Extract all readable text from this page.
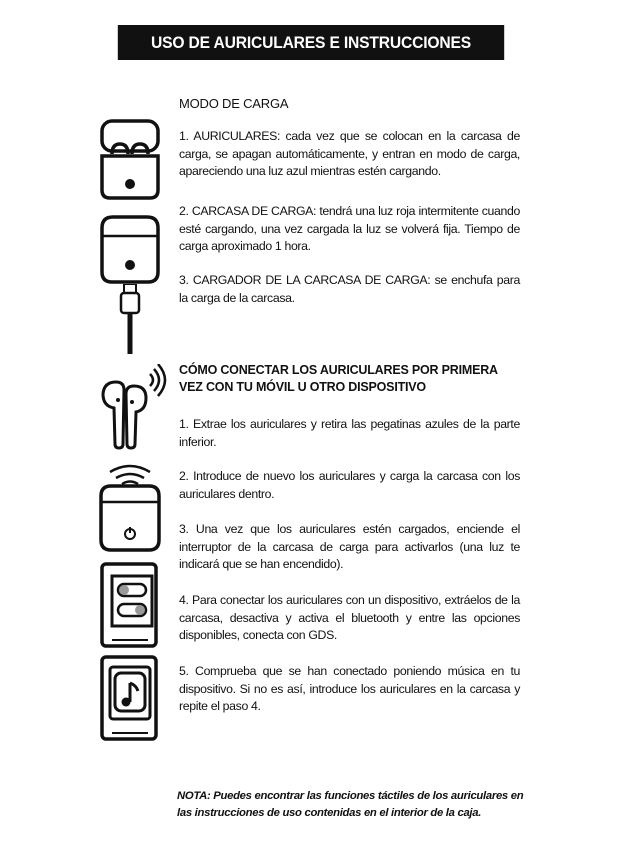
USO DE AURICULARES E INSTRUCCIONES BÁSICAS
MODO DE CARGA
1. AURICULARES: cada vez que se colocan en la carcasa de carga, se apagan automáticamente, y entran en modo de carga, apareciendo una luz azul mientras estén cargando.
2. CARCASA DE CARGA: tendrá una luz roja intermitente cuando esté cargando, una vez cargada la luz se volverá fija. Tiempo de carga aproximado 1 hora.
3. CARGADOR DE LA CARCASA DE CARGA: se enchufa para la carga de la carcasa.
CÓMO CONECTAR LOS AURICULARES POR PRIMERA VEZ CON TU MÓVIL U OTRO DISPOSITIVO
1. Extrae los auriculares y retira las pegatinas azules de la parte inferior.
2. Introduce de nuevo los auriculares y carga la carcasa con los auriculares dentro.
3. Una vez que los auriculares estén cargados, enciende el interruptor de la carcasa de carga para activarlos (una luz te indicará que se han encendido).
4. Para conectar los auriculares con un dispositivo, extráelos de la carcasa, desactiva y activa el bluetooth y entre las opciones disponibles, conecta con GDS.
5. Comprueba que se han conectado poniendo música en tu dispositivo. Si no es así, introduce los auriculares en la carcasa y repite el paso 4.
NOTA: Puedes encontrar las funciones táctiles de los auriculares en las instrucciones de uso contenidas en el interior de la caja.
